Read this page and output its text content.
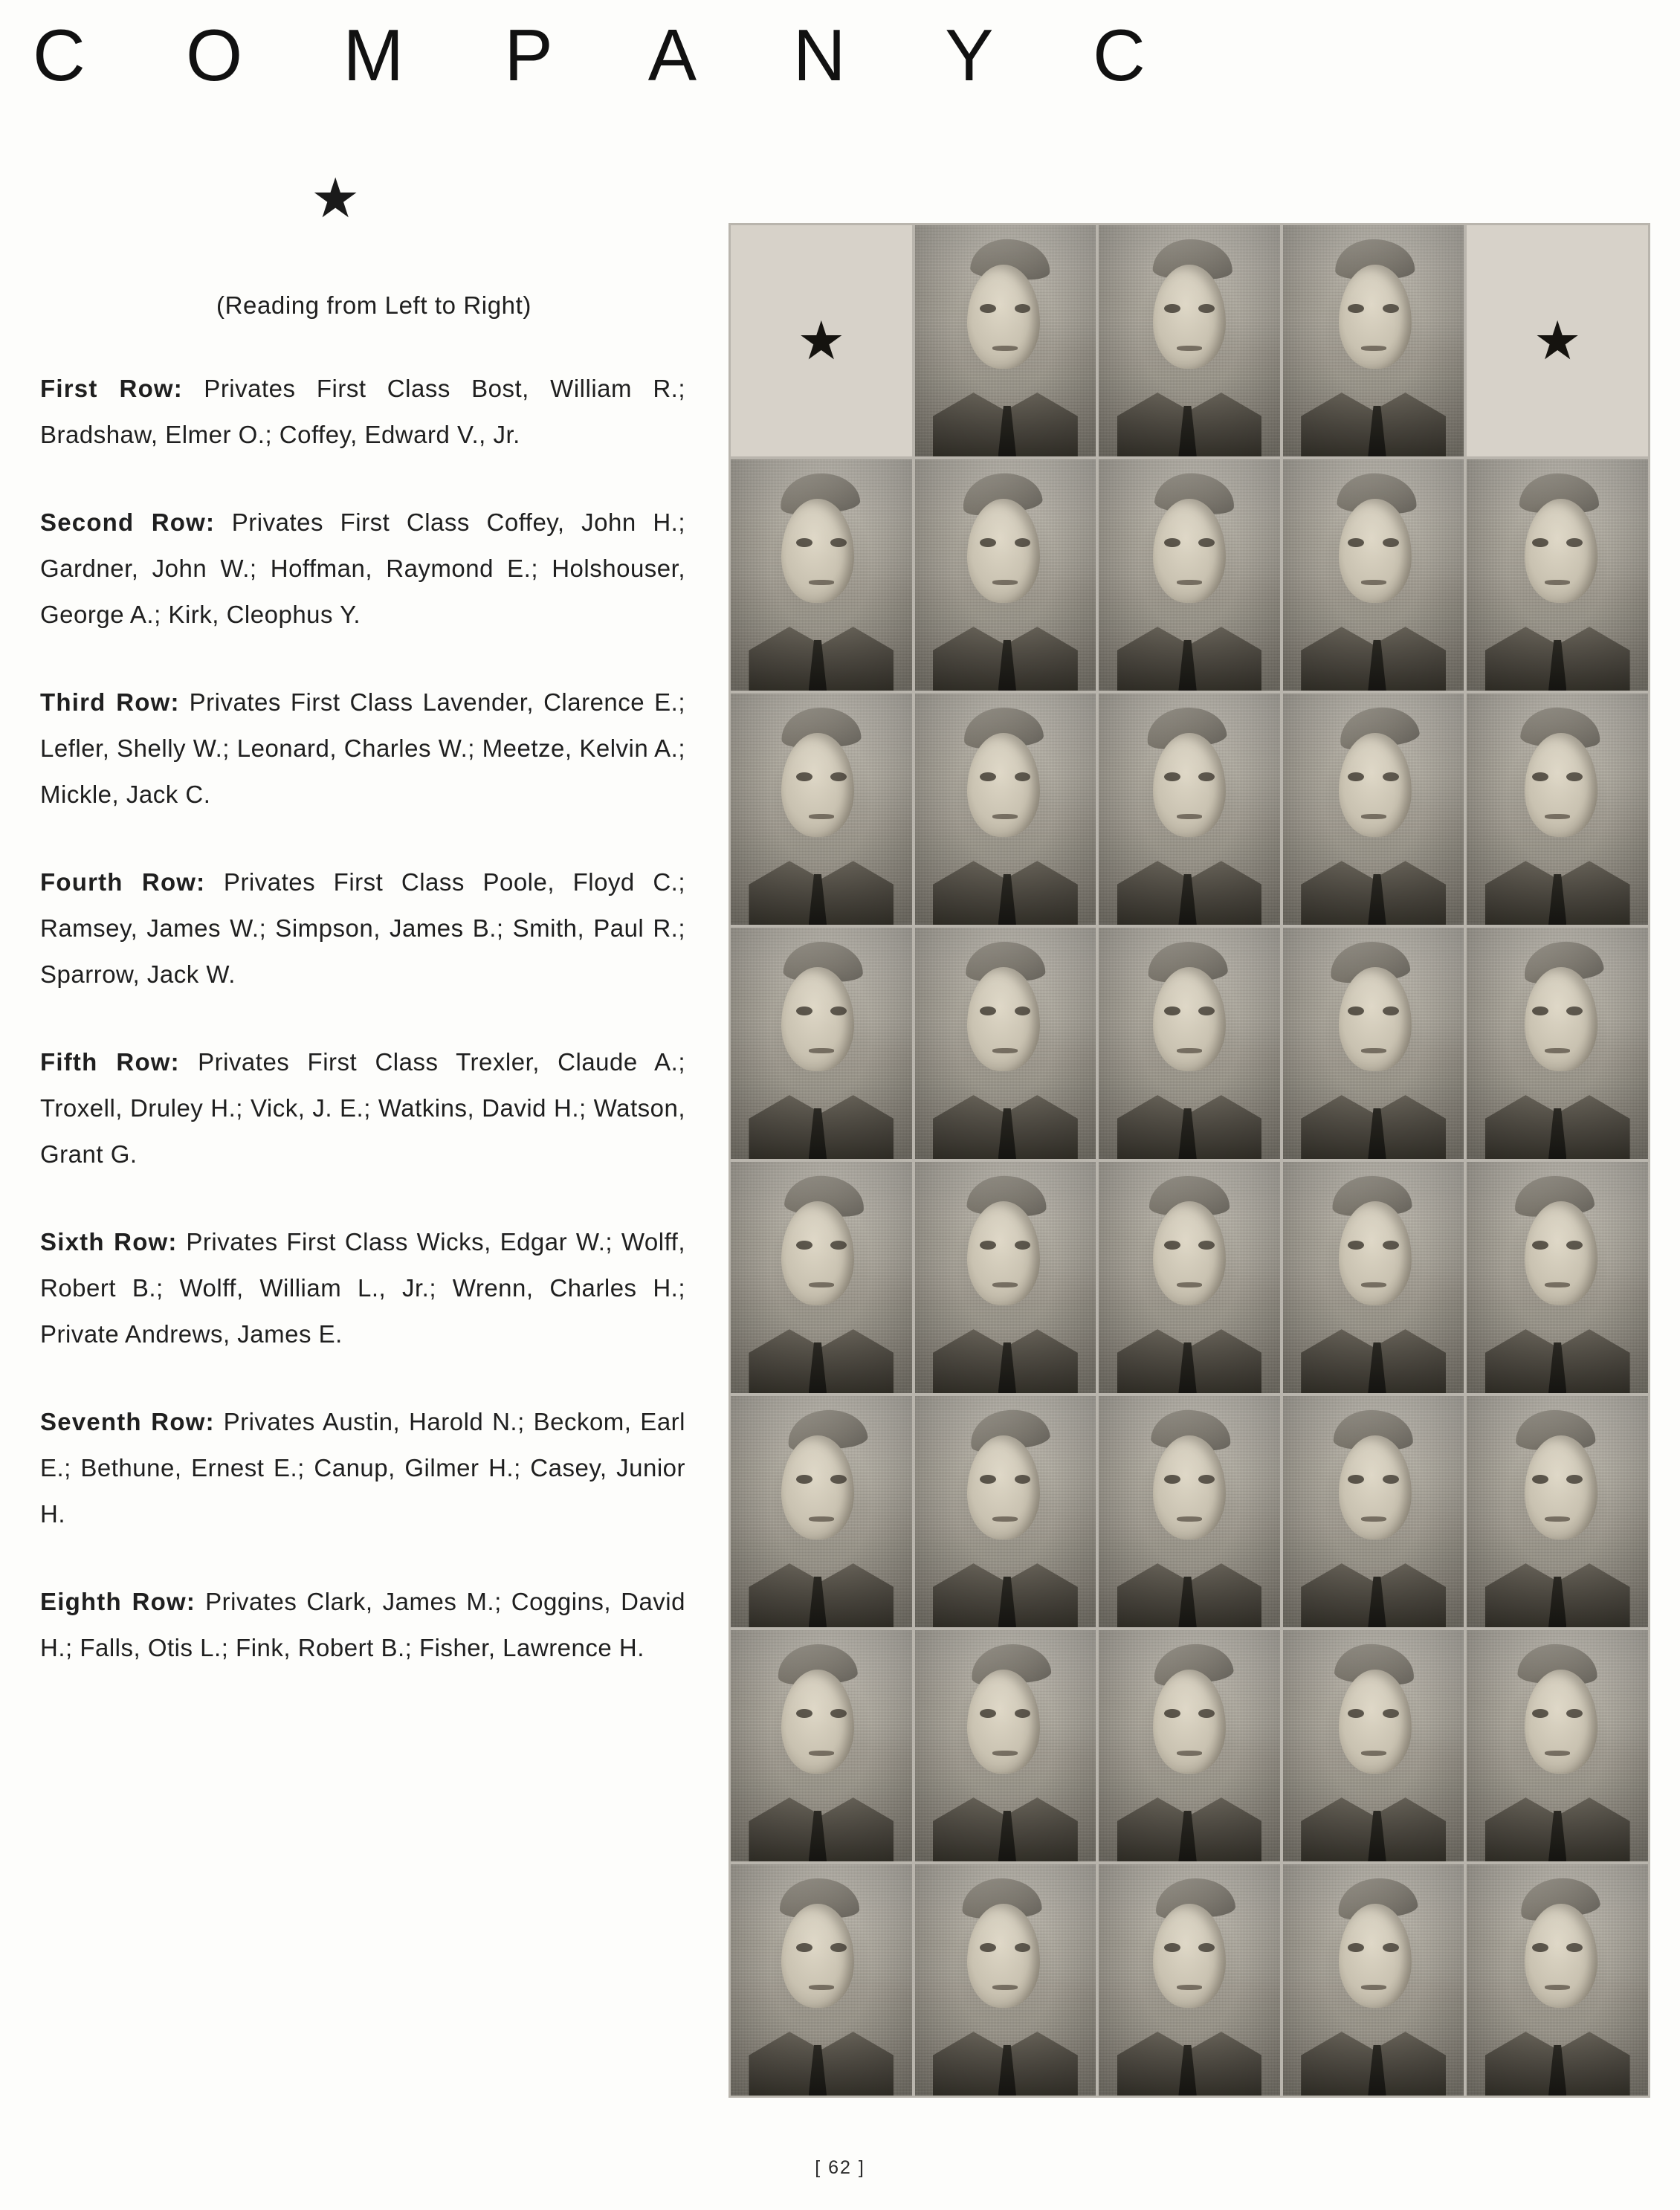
C O M P A N Y C
★
(Reading from Left to Right)

First Row: Privates First Class Bost, William R.; Bradshaw, Elmer O.; Coffey, Edward V., Jr.

Second Row: Privates First Class Coffey, John H.; Gardner, John W.; Hoffman, Raymond E.; Holshouser, George A.; Kirk, Cleophus Y.

Third Row: Privates First Class Lavender, Clarence E.; Lefler, Shelly W.; Leonard, Charles W.; Meetze, Kelvin A.; Mickle, Jack C.

Fourth Row: Privates First Class Poole, Floyd C.; Ramsey, James W.; Simpson, James B.; Smith, Paul R.; Sparrow, Jack W.

Fifth Row: Privates First Class Trexler, Claude A.; Troxell, Druley H.; Vick, J. E.; Watkins, David H.; Watson, Grant G.

Sixth Row: Privates First Class Wicks, Edgar W.; Wolff, Robert B.; Wolff, William L., Jr.; Wrenn, Charles H.; Private Andrews, James E.

Seventh Row: Privates Austin, Harold N.; Beckom, Earl E.; Bethune, Ernest E.; Canup, Gilmer H.; Casey, Junior H.

Eighth Row: Privates Clark, James M.; Coggins, David H.; Falls, Otis L.; Fink, Robert B.; Fisher, Lawrence H.

★	★
[ 62 ]
